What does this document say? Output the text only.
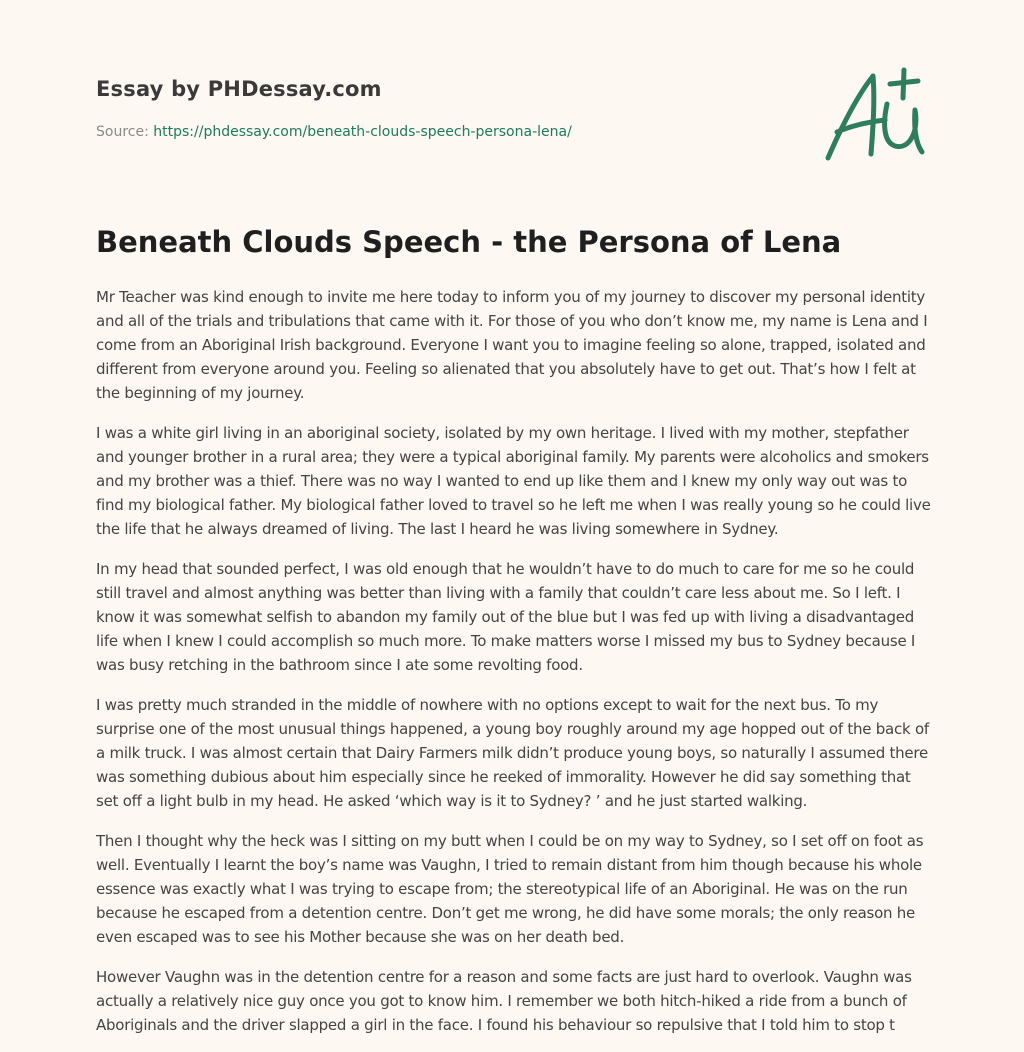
Essay by PHDessay.com
Source: https://phdessay.com/beneath-clouds-speech-persona-lena/
Beneath Clouds Speech - the Persona of Lena

Mr Teacher was kind enough to invite me here today to inform you of my journey to discover my personal identity and all of the trials and tribulations that came with it. For those of you who don’t know me, my name is Lena and I come from an Aboriginal Irish background. Everyone I want you to imagine feeling so alone, trapped, isolated and different from everyone around you. Feeling so alienated that you absolutely have to get out. That’s how I felt at the beginning of my journey.

I was a white girl living in an aboriginal society, isolated by my own heritage. I lived with my mother, stepfather and younger brother in a rural area; they were a typical aboriginal family. My parents were alcoholics and smokers and my brother was a thief. There was no way I wanted to end up like them and I knew my only way out was to find my biological father. My biological father loved to travel so he left me when I was really young so he could live the life that he always dreamed of living. The last I heard he was living somewhere in Sydney.

In my head that sounded perfect, I was old enough that he wouldn’t have to do much to care for me so he could still travel and almost anything was better than living with a family that couldn’t care less about me. So I left. I know it was somewhat selfish to abandon my family out of the blue but I was fed up with living a disadvantaged life when I knew I could accomplish so much more. To make matters worse I missed my bus to Sydney because I was busy retching in the bathroom since I ate some revolting food.

I was pretty much stranded in the middle of nowhere with no options except to wait for the next bus. To my surprise one of the most unusual things happened, a young boy roughly around my age hopped out of the back of a milk truck. I was almost certain that Dairy Farmers milk didn’t produce young boys, so naturally I assumed there was something dubious about him especially since he reeked of immorality. However he did say something that set off a light bulb in my head. He asked ‘which way is it to Sydney? ’ and he just started walking.

Then I thought why the heck was I sitting on my butt when I could be on my way to Sydney, so I set off on foot as well. Eventually I learnt the boy’s name was Vaughn, I tried to remain distant from him though because his whole essence was exactly what I was trying to escape from; the stereotypical life of an Aboriginal. He was on the run because he escaped from a detention centre. Don’t get me wrong, he did have some morals; the only reason he even escaped was to see his Mother because she was on her death bed.

However Vaughn was in the detention centre for a reason and some facts are just hard to overlook. Vaughn was actually a relatively nice guy once you got to know him. I remember we both hitch-hiked a ride from a bunch of Aboriginals and the driver slapped a girl in the face. I found his behaviour so repulsive that I told him to stop t
